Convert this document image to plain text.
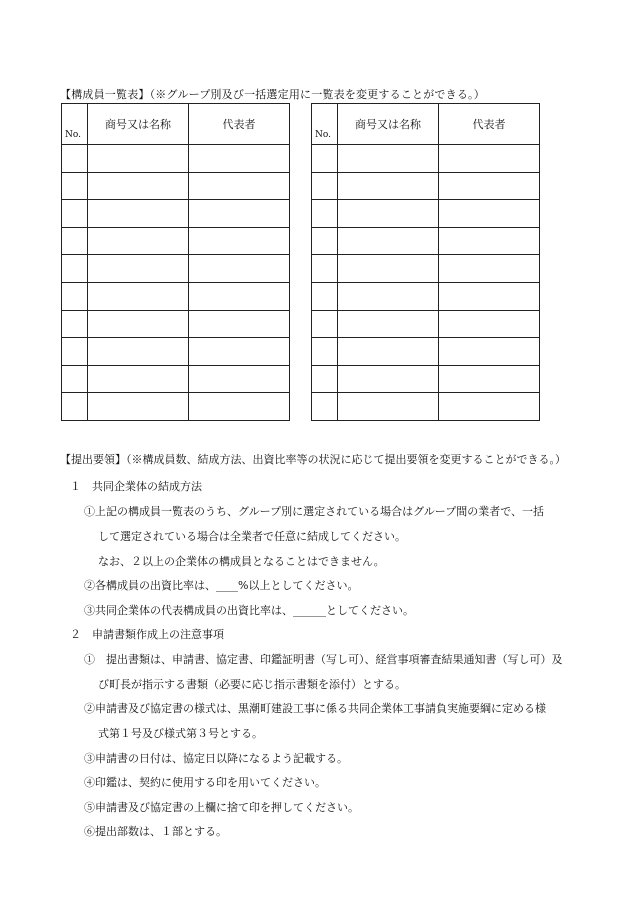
【構成員一覧表】（※グループ別及び一括選定用に一覧表を変更することができる。）
No.	商号又は名称	代表者

No.	商号又は名称	代表者

【提出要領】（※構成員数、結成方法、出資比率等の状況に応じて提出要領を変更することができる。）
１　共同企業体の結成方法
①上記の構成員一覧表のうち、グループ別に選定されている場合はグループ間の業者で、一括
して選定されている場合は全業者で任意に結成してください。
なお、２以上の企業体の構成員となることはできません。
②各構成員の出資比率は、____%以上としてください。
③共同企業体の代表構成員の出資比率は、______としてください。
２　申請書類作成上の注意事項
①　提出書類は、申請書、協定書、印鑑証明書（写し可）、経営事項審査結果通知書（写し可）及
び町長が指示する書類（必要に応じ指示書類を添付）とする。
②申請書及び協定書の様式は、黒潮町建設工事に係る共同企業体工事請負実施要綱に定める様
式第１号及び様式第３号とする。
③申請書の日付は、協定日以降になるよう記載する。
④印鑑は、契約に使用する印を用いてください。
⑤申請書及び協定書の上欄に捨て印を押してください。
⑥提出部数は、１部とする。
